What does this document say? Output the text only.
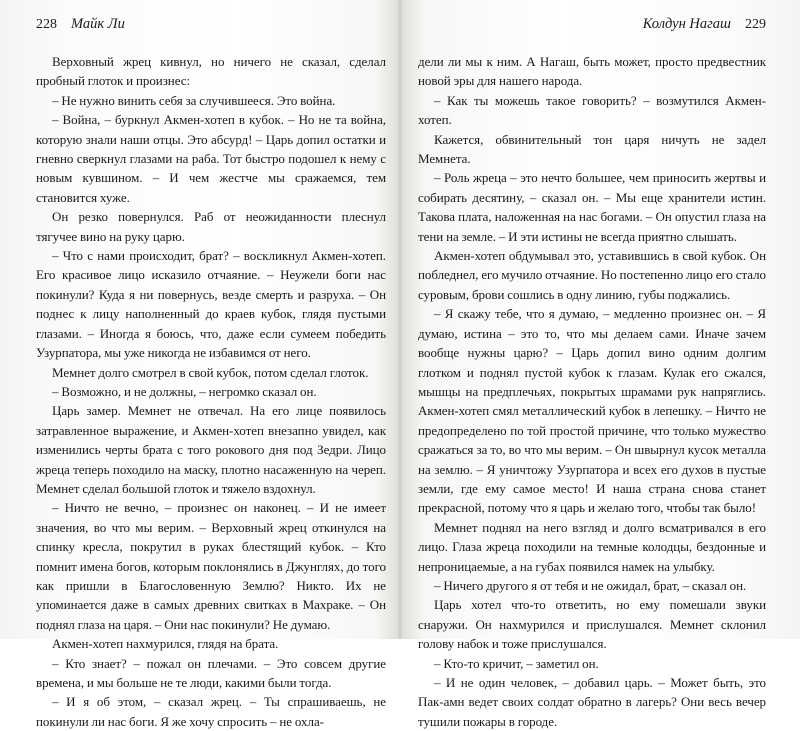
228 Майк Ли

Верховный жрец кивнул, но ничего не сказал, сделал пробный глоток и произнес:

– Не нужно винить себя за случившееся. Это война.

– Война, – буркнул Акмен-хотеп в кубок. – Но не та война, которую знали наши отцы. Это абсурд! – Царь допил остатки и гневно сверкнул глазами на раба. Тот быстро подошел к нему с новым кувшином. – И чем жестче мы сражаемся, тем становится хуже.

Он резко повернулся. Раб от неожиданности плеснул тягучее вино на руку царю.

– Что с нами происходит, брат? – воскликнул Акмен-хотеп. Его красивое лицо исказило отчаяние. – Неужели боги нас покинули? Куда я ни повернусь, везде смерть и разруха. – Он поднес к лицу наполненный до краев кубок, глядя пустыми глазами. – Иногда я боюсь, что, даже если сумеем победить Узурпатора, мы уже никогда не избавимся от него.

Мемнет долго смотрел в свой кубок, потом сделал глоток.

– Возможно, и не должны, – негромко сказал он.

Царь замер. Мемнет не отвечал. На его лице появилось затравленное выражение, и Акмен-хотеп внезапно увидел, как изменились черты брата с того рокового дня под Зедри. Лицо жреца теперь походило на маску, плотно насаженную на череп. Мемнет сделал большой глоток и тяжело вздохнул.

– Ничто не вечно, – произнес он наконец. – И не имеет значения, во что мы верим. – Верховный жрец откинулся на спинку кресла, покрутил в руках блестящий кубок. – Кто помнит имена богов, которым поклонялись в Джунглях, до того как пришли в Благословенную Землю? Никто. Их не упоминается даже в самых древних свитках в Махраке. – Он поднял глаза на царя. – Они нас покинули? Не думаю.

Акмен-хотеп нахмурился, глядя на брата.

– Кто знает? – пожал он плечами. – Это совсем другие времена, и мы больше не те люди, какими были тогда.

– И я об этом, – сказал жрец. – Ты спрашиваешь, не покинули ли нас боги. Я же хочу спросить – не охла-

Колдун Нагаш 229

дели ли мы к ним. А Нагаш, быть может, просто предвестник новой эры для нашего народа.

– Как ты можешь такое говорить? – возмутился Акмен-хотеп.

Кажется, обвинительный тон царя ничуть не задел Мемнета.

– Роль жреца – это нечто большее, чем приносить жертвы и собирать десятину, – сказал он. – Мы еще хранители истин. Такова плата, наложенная на нас богами. – Он опустил глаза на тени на земле. – И эти истины не всегда приятно слышать.

Акмен-хотеп обдумывал это, уставившись в свой кубок. Он побледнел, его мучило отчаяние. Но постепенно лицо его стало суровым, брови сошлись в одну линию, губы поджались.

– Я скажу тебе, что я думаю, – медленно произнес он. – Я думаю, истина – это то, что мы делаем сами. Иначе зачем вообще нужны царю? – Царь допил вино одним долгим глотком и поднял пустой кубок к глазам. Кулак его сжался, мышцы на предплечьях, покрытых шрамами рук напряглись. Акмен-хотеп смял металлический кубок в лепешку. – Ничто не предопределено по той простой причине, что только мужество сражаться за то, во что мы верим. – Он швырнул кусок металла на землю. – Я уничтожу Узурпатора и всех его духов в пустые земли, где ему самое место! И наша страна снова станет прекрасной, потому что я царь и желаю того, чтобы так было!

Мемнет поднял на него взгляд и долго всматривался в его лицо. Глаза жреца походили на темные колодцы, бездонные и непроницаемые, а на губах появился намек на улыбку.

– Ничего другого я от тебя и не ожидал, брат, – сказал он.

Царь хотел что-то ответить, но ему помешали звуки снаружи. Он нахмурился и прислушался. Мемнет склонил голову набок и тоже прислушался.

– Кто-то кричит, – заметил он.

– И не один человек, – добавил царь. – Может быть, это Пак-амн ведет своих солдат обратно в лагерь? Они весь вечер тушили пожары в городе.
